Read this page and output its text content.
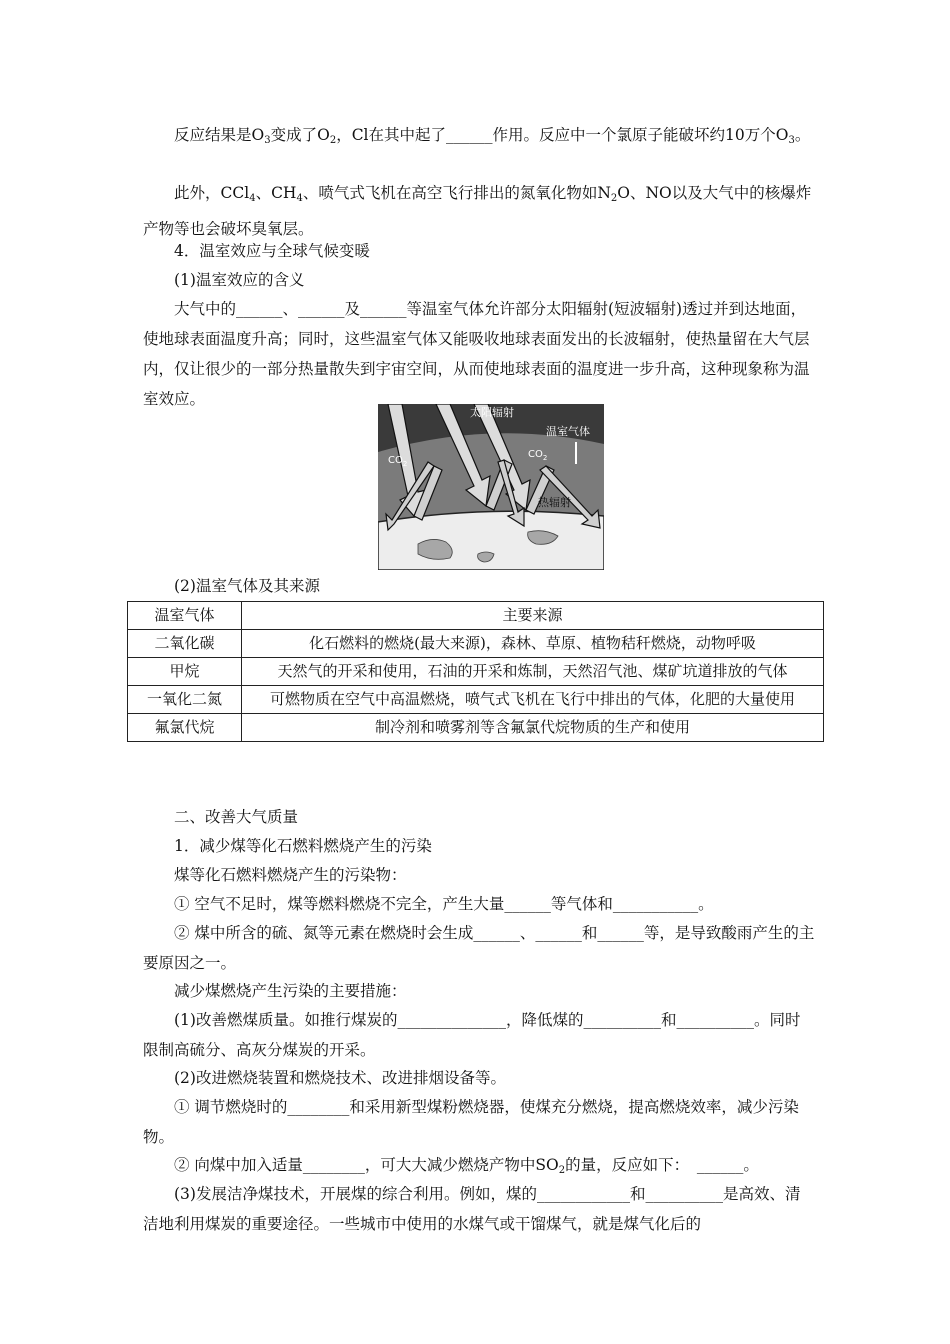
反应结果是$O_3$变成了$O_2$，Cl在其中起了______作用。反应中一个氯原子能破坏约10万个$O_3$。

此外，CCl$_4$、$CH_4$、喷气式飞机在高空飞行排出的氮氧化物如$N_2O$、NO以及大气中的核爆炸产物等也会破坏臭氧层。

4．温室效应与全球气候变暖

(1)温室效应的含义

大气中的______、______及______等温室气体允许部分太阳辐射(短波辐射)透过并到达地面，使地球表面温度升高；同时，这些温室气体又能吸收地球表面发出的长波辐射，使热量留在大气层内，仅让很少的一部分热量散失到宇宙空间，从而使地球表面的温度进一步升高，这种现象称为温室效应。

太阳辐射
温室气体
$CO_2$
$CO_2$
热辐射

(2)温室气体及其来源

温室气体	主要来源
二氧化碳	化石燃料的燃烧(最大来源)，森林、草原、植物秸秆燃烧，动物呼吸
甲烷	天然气的开采和使用，石油的开采和炼制，天然沼气池、煤矿坑道排放的气体
一氧化二氮	可燃物质在空气中高温燃烧，喷气式飞机在飞行中排出的气体，化肥的大量使用
氟氯代烷	制冷剂和喷雾剂等含氟氯代烷物质的生产和使用

二、改善大气质量

1．减少煤等化石燃料燃烧产生的污染

煤等化石燃料燃烧产生的污染物：

① 空气不足时，煤等燃料燃烧不完全，产生大量______等气体和___________。

② 煤中所含的硫、氮等元素在燃烧时会生成______、______和______等，是导致酸雨产生的主要原因之一。

减少煤燃烧产生污染的主要措施：

(1)改善燃煤质量。如推行煤炭的______________，降低煤的__________和__________。同时限制高硫分、高灰分煤炭的开采。

(2)改进燃烧装置和燃烧技术、改进排烟设备等。

① 调节燃烧时的________和采用新型煤粉燃烧器，使煤充分燃烧，提高燃烧效率，减少污染物。

② 向煤中加入适量________，可大大减少燃烧产物中$SO_2$的量，反应如下：　______。

(3)发展洁净煤技术，开展煤的综合利用。例如，煤的____________和__________是高效、清洁地利用煤炭的重要途径。一些城市中使用的水煤气或干馏煤气，就是煤气化后的
